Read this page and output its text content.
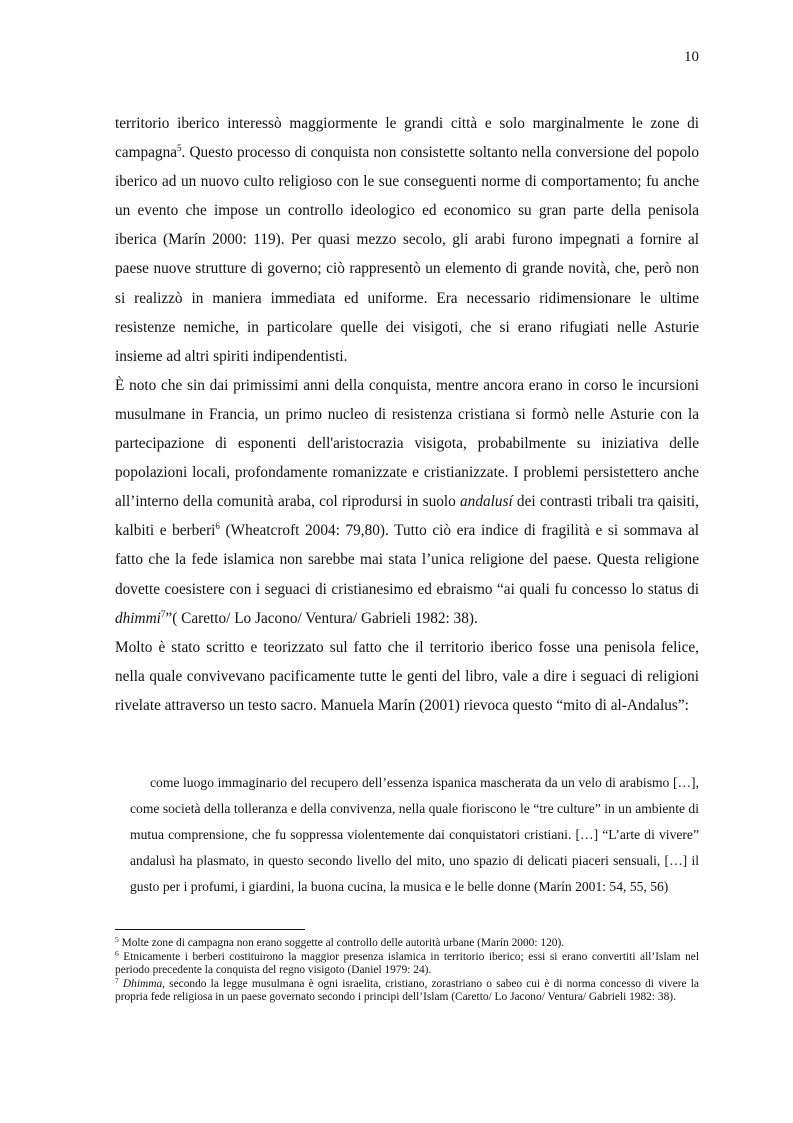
10

territorio iberico interessò maggiormente le grandi città e solo marginalmente le zone di campagna$^5$. Questo processo di conquista non consistette soltanto nella conversione del popolo iberico ad un nuovo culto religioso con le sue conseguenti norme di comportamento; fu anche un evento che impose un controllo ideologico ed economico su gran parte della penisola iberica (Marín 2000: 119). Per quasi mezzo secolo, gli arabi furono impegnati a fornire al paese nuove strutture di governo; ciò rappresentò un elemento di grande novità, che, però non si realizzò in maniera immediata ed uniforme. Era necessario ridimensionare le ultime resistenze nemiche, in particolare quelle dei visigoti, che si erano rifugiati nelle Asturie insieme ad altri spiriti indipendentisti.

È noto che sin dai primissimi anni della conquista, mentre ancora erano in corso le incursioni musulmane in Francia, un primo nucleo di resistenza cristiana si formò nelle Asturie con la partecipazione di esponenti dell'aristocrazia visigota, probabilmente su iniziativa delle popolazioni locali, profondamente romanizzate e cristianizzate. I problemi persistettero anche all’interno della comunità araba, col riprodursi in suolo andalusí dei contrasti tribali tra qaisiti, kalbiti e berberi$^6$ (Wheatcroft 2004: 79,80). Tutto ciò era indice di fragilità e si sommava al fatto che la fede islamica non sarebbe mai stata l’unica religione del paese. Questa religione dovette coesistere con i seguaci di cristianesimo ed ebraismo “ai quali fu concesso lo status di dhimmi$^7$”( Caretto/ Lo Jacono/ Ventura/ Gabrieli 1982: 38).

Molto è stato scritto e teorizzato sul fatto che il territorio iberico fosse una penisola felice, nella quale convivevano pacificamente tutte le genti del libro, vale a dire i seguaci di religioni rivelate attraverso un testo sacro. Manuela Marín (2001) rievoca questo “mito di al-Andalus”:

come luogo immaginario del recupero dell’essenza ispanica mascherata da un velo di arabismo […], come società della tolleranza e della convivenza, nella quale fioriscono le “tre culture” in un ambiente di mutua comprensione, che fu soppressa violentemente dai conquistatori cristiani. […] “L’arte di vivere” andalusì ha plasmato, in questo secondo livello del mito, uno spazio di delicati piaceri sensuali, […] il gusto per i profumi, i giardini, la buona cucina, la musica e le belle donne (Marín 2001: 54, 55, 56)

$^5$ Molte zone di campagna non erano soggette al controllo delle autorità urbane (Marín 2000: 120).

$^6$ Etnicamente i berberi costituirono la maggior presenza islamica in territorio iberico; essi si erano convertiti all’Islam nel periodo precedente la conquista del regno visigoto (Daniel 1979: 24).

$^7$ Dhimma, secondo la legge musulmana è ogni israelita, cristiano, zorastriano o sabeo cui è di norma concesso di vivere la propria fede religiosa in un paese governato secondo i principi dell’Islam (Caretto/ Lo Jacono/ Ventura/ Gabrieli 1982: 38).
